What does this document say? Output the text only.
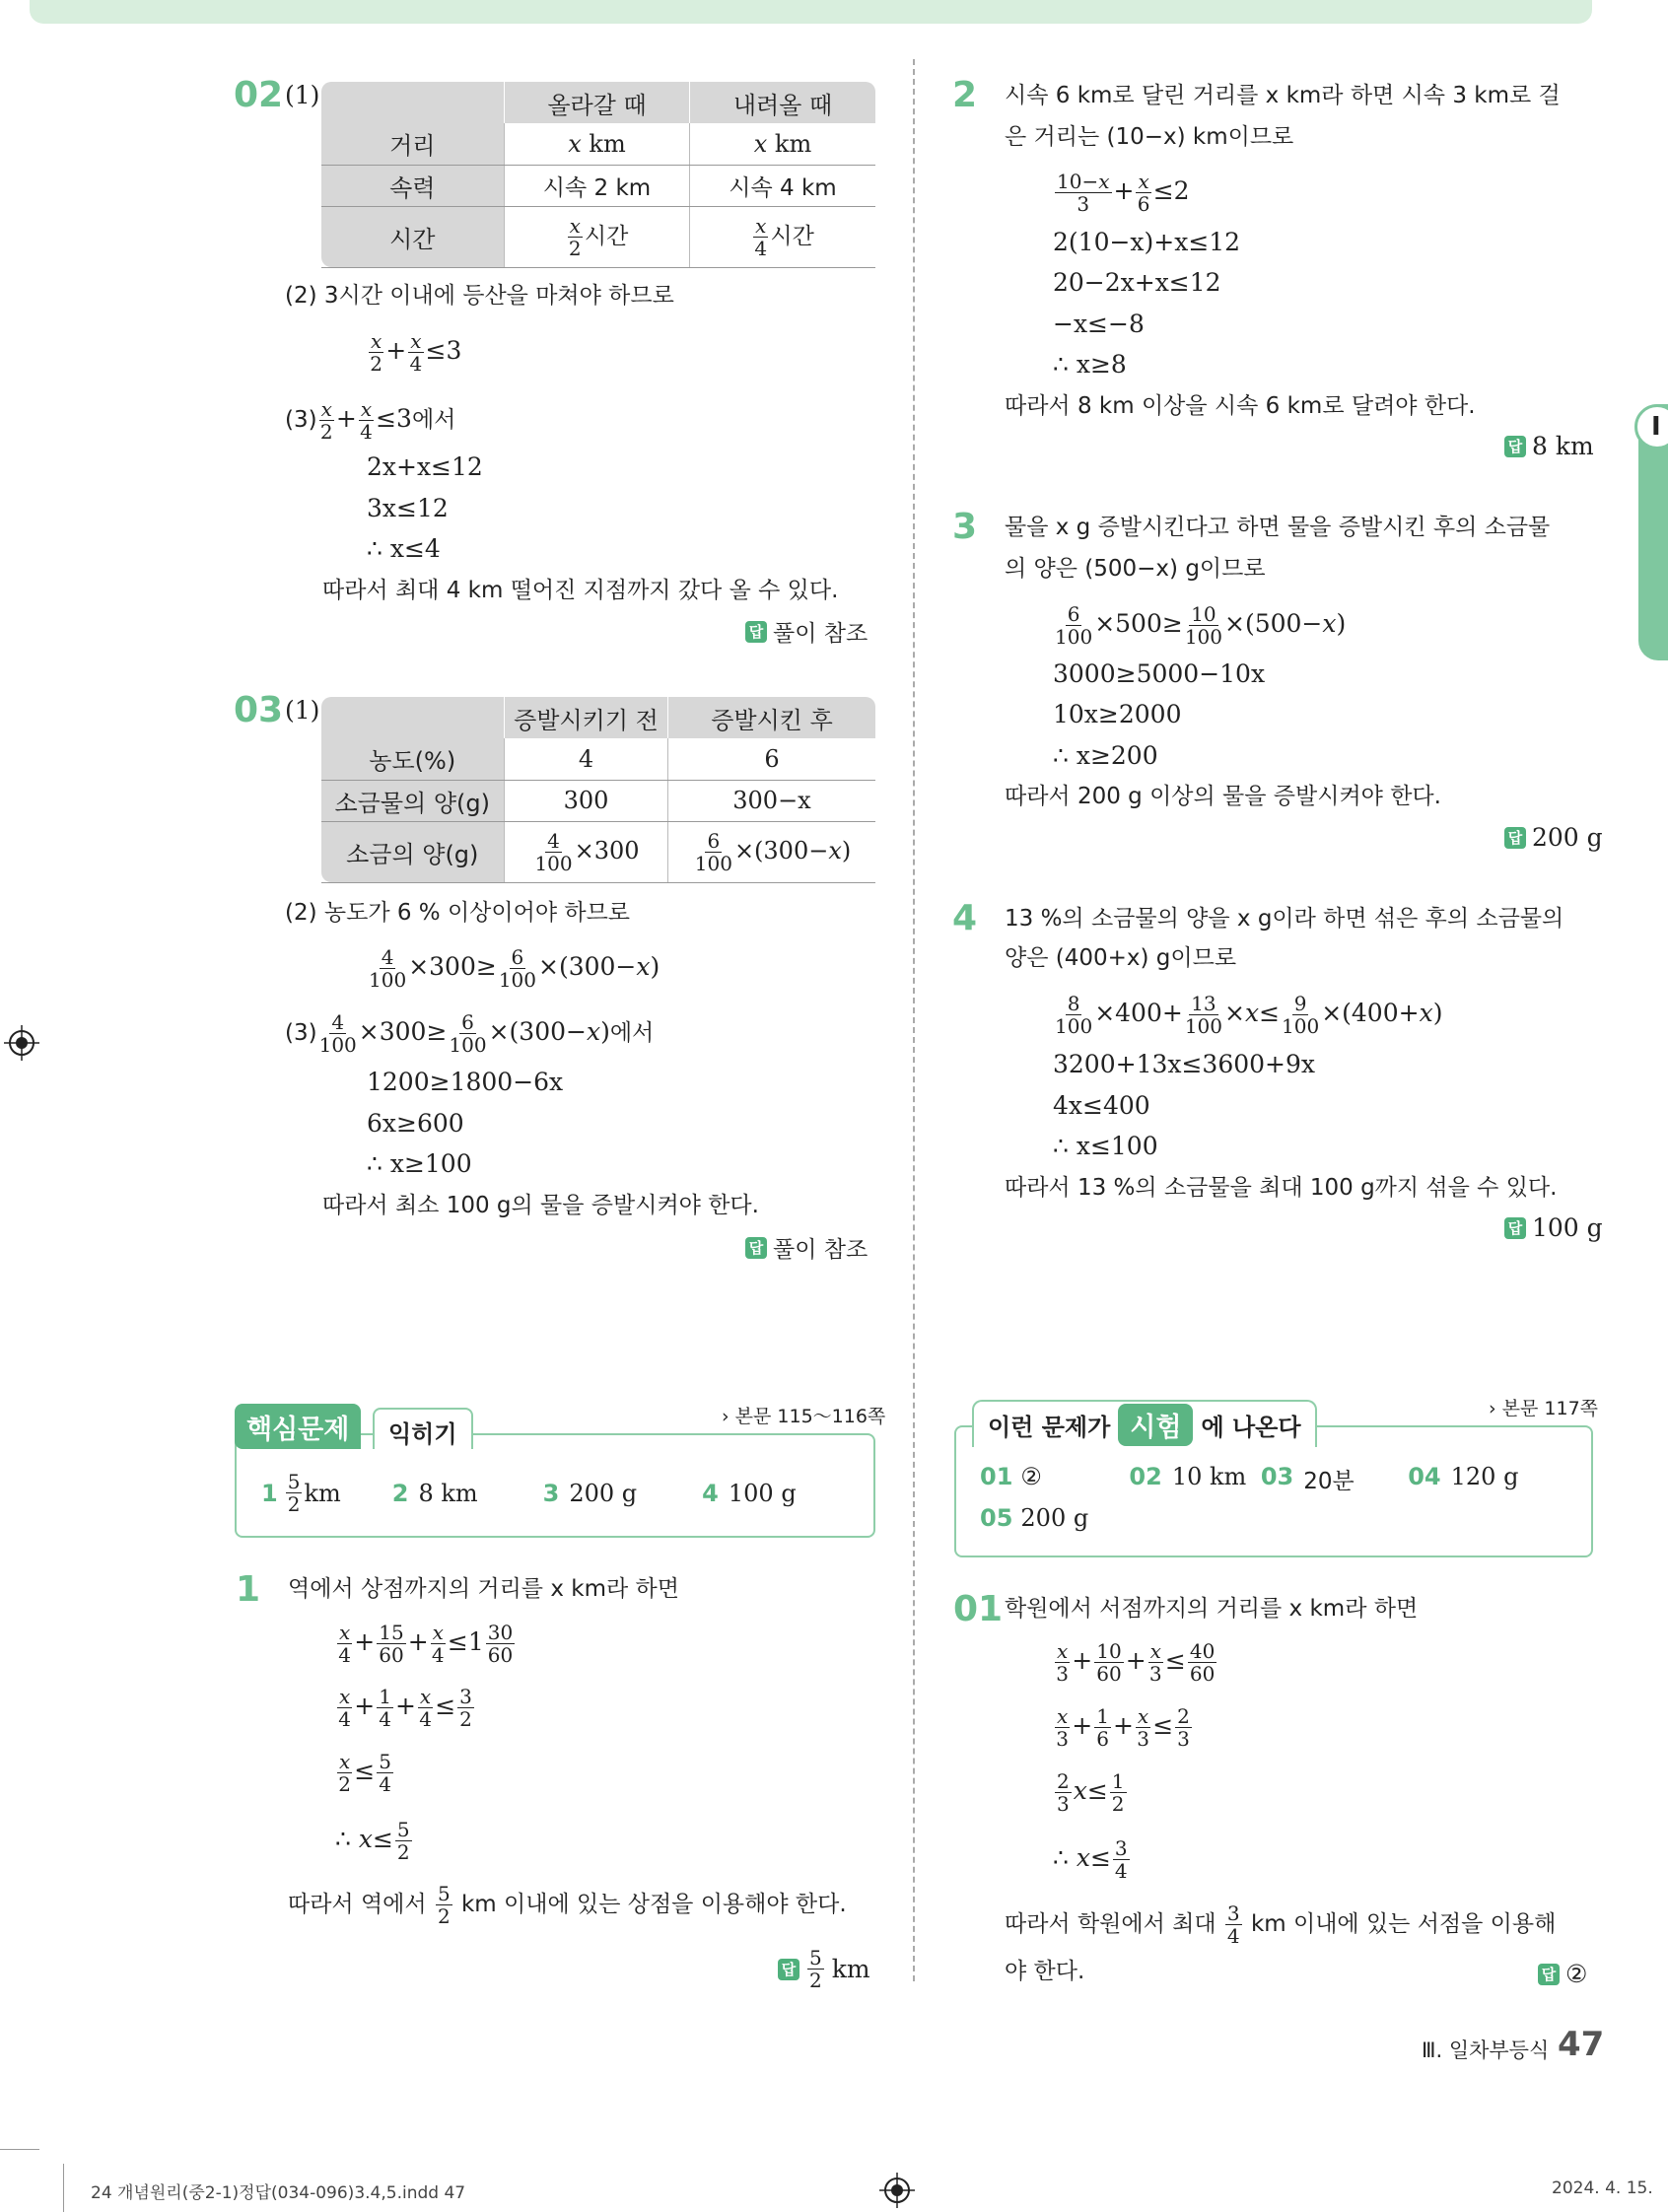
I
02 (1)
		올라갈 때	내려올 때
거리	x km	x km
속력	시속 2 km	시속 4 km
시간	$\frac{x}{2}$ 시간	$\frac{x}{4}$ 시간
(2) 3시간 이내에 등산을 마쳐야 하므로
$\frac{x}{2} + \frac{x}{4} \le 3$
$(3) \frac{x}{2} + \frac{x}{4} \le 3$에서
2x+x≤12
3x≤12
∴ x≤4
따라서 최대 4 km 떨어진 지점까지 갔다 올 수 있다.
답 풀이 참조
03 (1)
		증발시키기 전	증발시킨 후
농도(%)	4	6
소금물의 양(g)	300	300−x
소금의 양(g)	$\frac{4}{100} \times 300$	$\frac{6}{100} \times(300-x)$
(2) 농도가 6 % 이상이어야 하므로
$\frac{4}{100} \times 300\ge \frac{6}{100} \times(300-x)$
$(3) \frac{4}{100} \times 300\ge \frac{6}{100} \times(300-x)$에서
1200≥1800−6x
6x≥600
∴ x≥100
따라서 최소 100 g의 물을 증발시켜야 한다.
답 풀이 참조
2 시속 6 km로 달린 거리를 x km라 하면 시속 3 km로 걸
은 거리는 (10−x) km이므로
$\frac{10-x}{3} + \frac{x}{6} \le 2$
2(10−x)+x≤12
20−2x+x≤12
−x≤−8
∴ x≥8
따라서 8 km 이상을 시속 6 km로 달려야 한다.
답 8 km
3 물을 x g 증발시킨다고 하면 물을 증발시킨 후의 소금물
의 양은 (500−x) g이므로
$\frac{6}{100} \times 500\ge \frac{10}{100} \times(500-x)$
3000≥5000−10x
10x≥2000
∴ x≥200
따라서 200 g 이상의 물을 증발시켜야 한다.
답 200 g
4 13 %의 소금물의 양을 x g이라 하면 섞은 후의 소금물의
양은 (400+x) g이므로
$\frac{8}{100} \times 400+ \frac{13}{100} \times x\le \frac{9}{100} \times(400+x)$
3200+13x≤3600+9x
4x≤400
∴ x≤100
따라서 13 %의 소금물을 최대 100 g까지 섞을 수 있다.
답 100 g
핵심문제	익히기
› 본문 115～116쪽
$1 \frac{5}{2}$ km 2 8 km	3 200 g	4 100 g
1 역에서 상점까지의 거리를 x km라 하면
$\frac{x}{4} + \frac{15}{60} + \frac{x}{4} \le 1 \frac{30}{60}$
$\frac{x}{4} + \frac{1}{4} + \frac{x}{4} \le \frac{3}{2}$
$\frac{x}{2} \le \frac{5}{4}$
∴ $x\le \frac{5}{2}$
따라서 역에서 $\frac{5}{2}$ km 이내에 있는 상점을 이용해야 한다.
답 $\frac{5}{2}$ km
이런 문제가 시험 에 나온다
› 본문 117쪽
01 ②	02 10 km 03 20분	04 120 g
05 200 g
01 학원에서 서점까지의 거리를 x km라 하면
$\frac{x}{3} + \frac{10}{60} + \frac{x}{3} \le \frac{40}{60}$
$\frac{x}{3} + \frac{1}{6} + \frac{x}{3} \le \frac{2}{3}$
$\frac{2}{3} x\le \frac{1}{2}$
∴ $x\le \frac{3}{4}$
따라서 학원에서 최대 $\frac{3}{4}$ km 이내에 있는 서점을 이용해
야 한다.	답 ②
Ⅲ. 일차부등식 47
24 개념원리(중2-1)정답(034-096)3.4,5.indd 47	2024. 4. 15.
